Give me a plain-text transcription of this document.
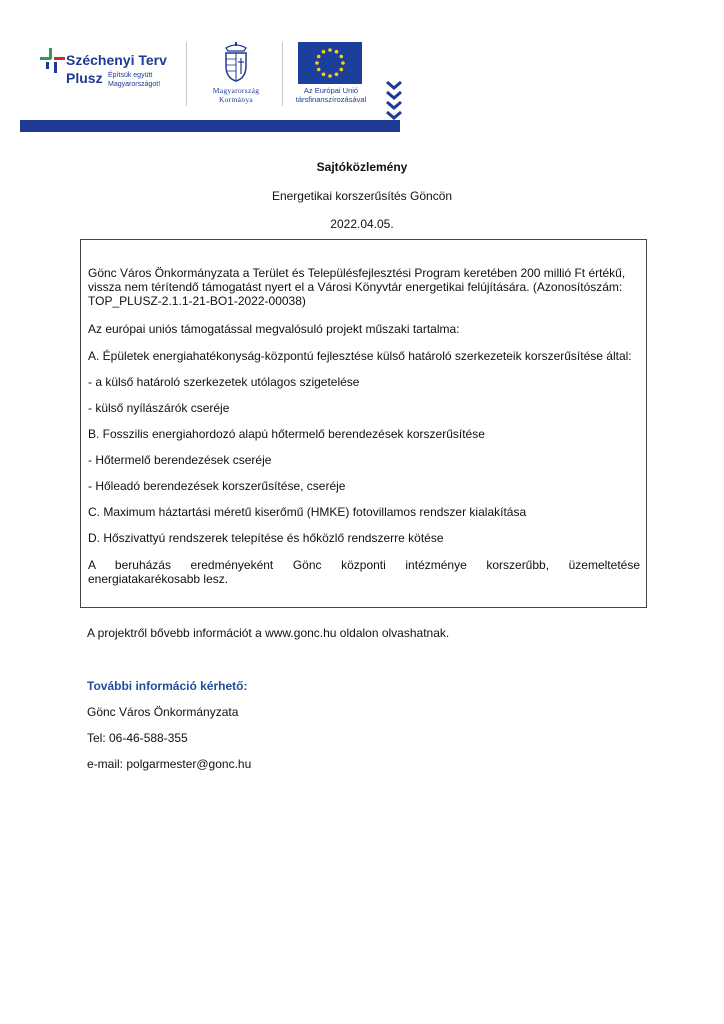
Széchenyi Terv
Plusz Építsük együtt Magyarországot!
Magyarország
Kormánya
Az Európai Unió
társfinanszírozásával
Sajtóközlemény
Energetikai korszerűsítés Göncön
2022.04.05.

Gönc Város Önkormányzata a Terület és Településfejlesztési Program keretében 200 millió Ft értékű, vissza nem térítendő támogatást nyert el a Városi Könyvtár energetikai felújítására. (Azonosítószám: TOP_PLUSZ-2.1.1-21-BO1-2022-00038)

Az európai uniós támogatással megvalósuló projekt műszaki tartalma:

A. Épületek energiahatékonyság-központú fejlesztése külső határoló szerkezeteik korszerűsítése által:

- a külső határoló szerkezetek utólagos szigetelése

- külső nyílászárók cseréje

B. Fosszilis energiahordozó alapú hőtermelő berendezések korszerűsítése

- Hőtermelő berendezések cseréje

- Hőleadó berendezések korszerűsítése, cseréje

C. Maximum háztartási méretű kiserőmű (HMKE) fotovillamos rendszer kialakítása

D. Hőszivattyú rendszerek telepítése és hőközlő rendszerre kötése

A beruházás eredményeként Gönc központi intézménye korszerűbb, üzemeltetése energiatakarékosabb lesz.

A projektről bővebb információt a www.gonc.hu oldalon olvashatnak.

További információ kérhető:

Gönc Város Önkormányzata

Tel: 06-46-588-355

e-mail: polgarmester@gonc.hu
